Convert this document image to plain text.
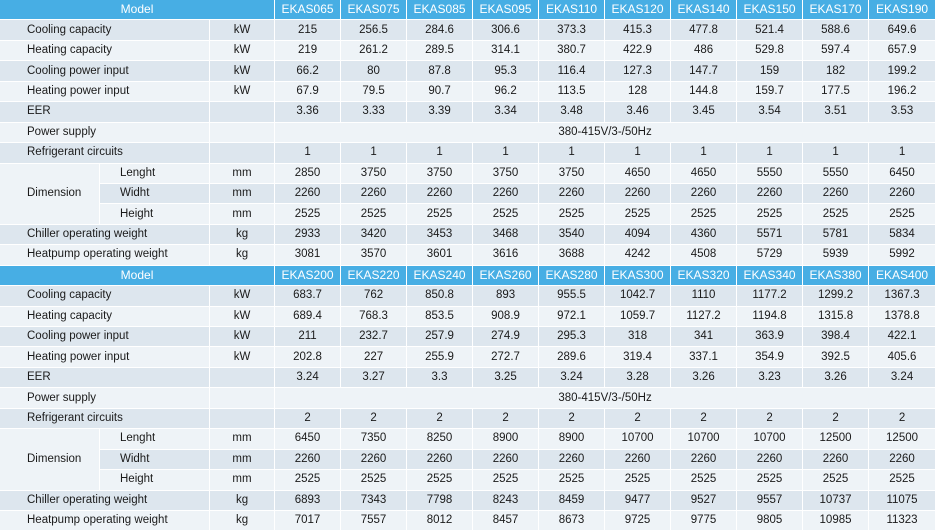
Model			EKAS065	EKAS075	EKAS085	EKAS095	EKAS110	EKAS120	EKAS140	EKAS150	EKAS170	EKAS190
Cooling capacity		kW	215	256.5	284.6	306.6	373.3	415.3	477.8	521.4	588.6	649.6
Heating capacity		kW	219	261.2	289.5	314.1	380.7	422.9	486	529.8	597.4	657.9
Cooling power input		kW	66.2	80	87.8	95.3	116.4	127.3	147.7	159	182	199.2
Heating power input		kW	67.9	79.5	90.7	96.2	113.5	128	144.8	159.7	177.5	196.2
EER			3.36	3.33	3.39	3.34	3.48	3.46	3.45	3.54	3.51	3.53
Power supply			380-415V/3-/50Hz									
Refrigerant circuits			1	1	1	1	1	1	1	1	1	1
Dimension	Lenght	mm	2850	3750	3750	3750	3750	4650	4650	5550	5550	6450
	Widht	mm	2260	2260	2260	2260	2260	2260	2260	2260	2260	2260
	Height	mm	2525	2525	2525	2525	2525	2525	2525	2525	2525	2525
Chiller operating weight		kg	2933	3420	3453	3468	3540	4094	4360	5571	5781	5834
Heatpump operating weight		kg	3081	3570	3601	3616	3688	4242	4508	5729	5939	5992
Model			EKAS200	EKAS220	EKAS240	EKAS260	EKAS280	EKAS300	EKAS320	EKAS340	EKAS380	EKAS400
Cooling capacity		kW	683.7	762	850.8	893	955.5	1042.7	1110	1177.2	1299.2	1367.3
Heating capacity		kW	689.4	768.3	853.5	908.9	972.1	1059.7	1127.2	1194.8	1315.8	1378.8
Cooling power input		kW	211	232.7	257.9	274.9	295.3	318	341	363.9	398.4	422.1
Heating power input		kW	202.8	227	255.9	272.7	289.6	319.4	337.1	354.9	392.5	405.6
EER			3.24	3.27	3.3	3.25	3.24	3.28	3.26	3.23	3.26	3.24
Power supply			380-415V/3-/50Hz									
Refrigerant circuits			2	2	2	2	2	2	2	2	2	2
Dimension	Lenght	mm	6450	7350	8250	8900	8900	10700	10700	10700	12500	12500
	Widht	mm	2260	2260	2260	2260	2260	2260	2260	2260	2260	2260
	Height	mm	2525	2525	2525	2525	2525	2525	2525	2525	2525	2525
Chiller operating weight		kg	6893	7343	7798	8243	8459	9477	9527	9557	10737	11075
Heatpump operating weight		kg	7017	7557	8012	8457	8673	9725	9775	9805	10985	11323
